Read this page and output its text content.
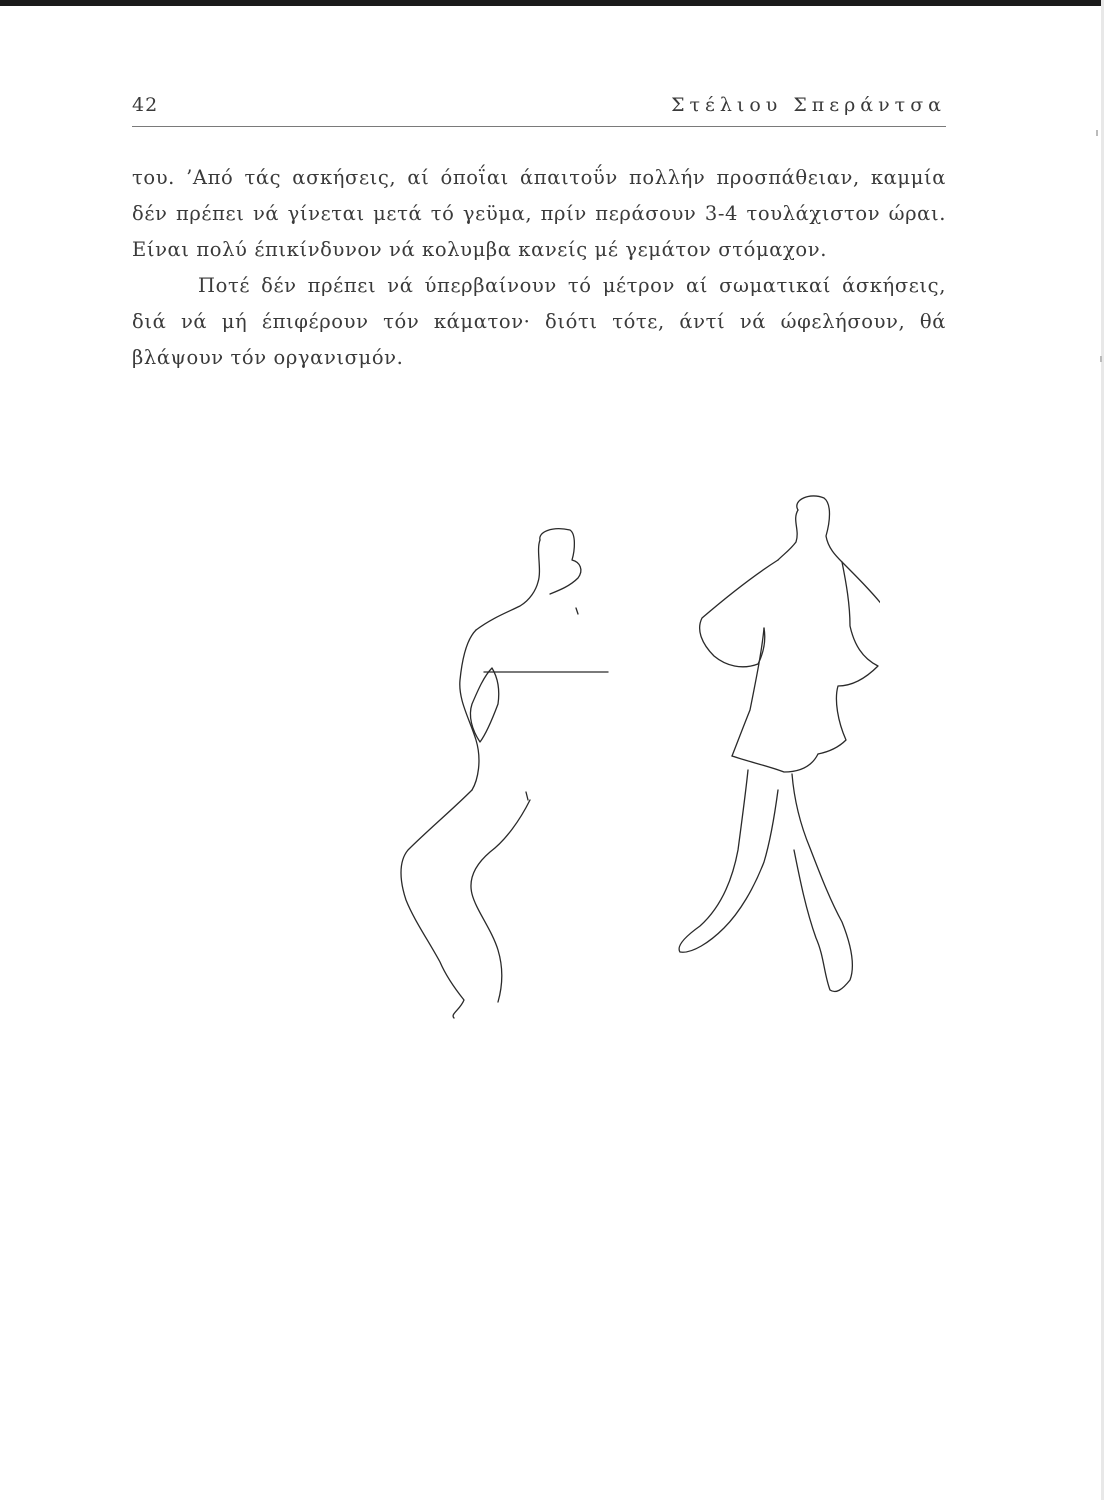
42	Στέλιου Σπεράντσα

του. ’Από τάς ασκήσεις, αί όποΐαι άπαιτοΰν πολλήν προσπάθειαν, καμμία δέν πρέπει νά γίνεται μετά τό γεϋμα, πρίν περάσουν 3-4 τουλάχιστον ώραι. Είναι πολύ έπικίνδυνον νά κολυμβα κανείς μέ γεμάτον στόμαχον.

Ποτέ δέν πρέπει νά ύπερβαίνουν τό μέτρον αί σωματικαί άσκήσεις, διά νά μή έπιφέρουν τόν κάματον· διότι τότε, άντί νά ώφελήσουν, θά βλάψουν τόν οργανισμόν.
